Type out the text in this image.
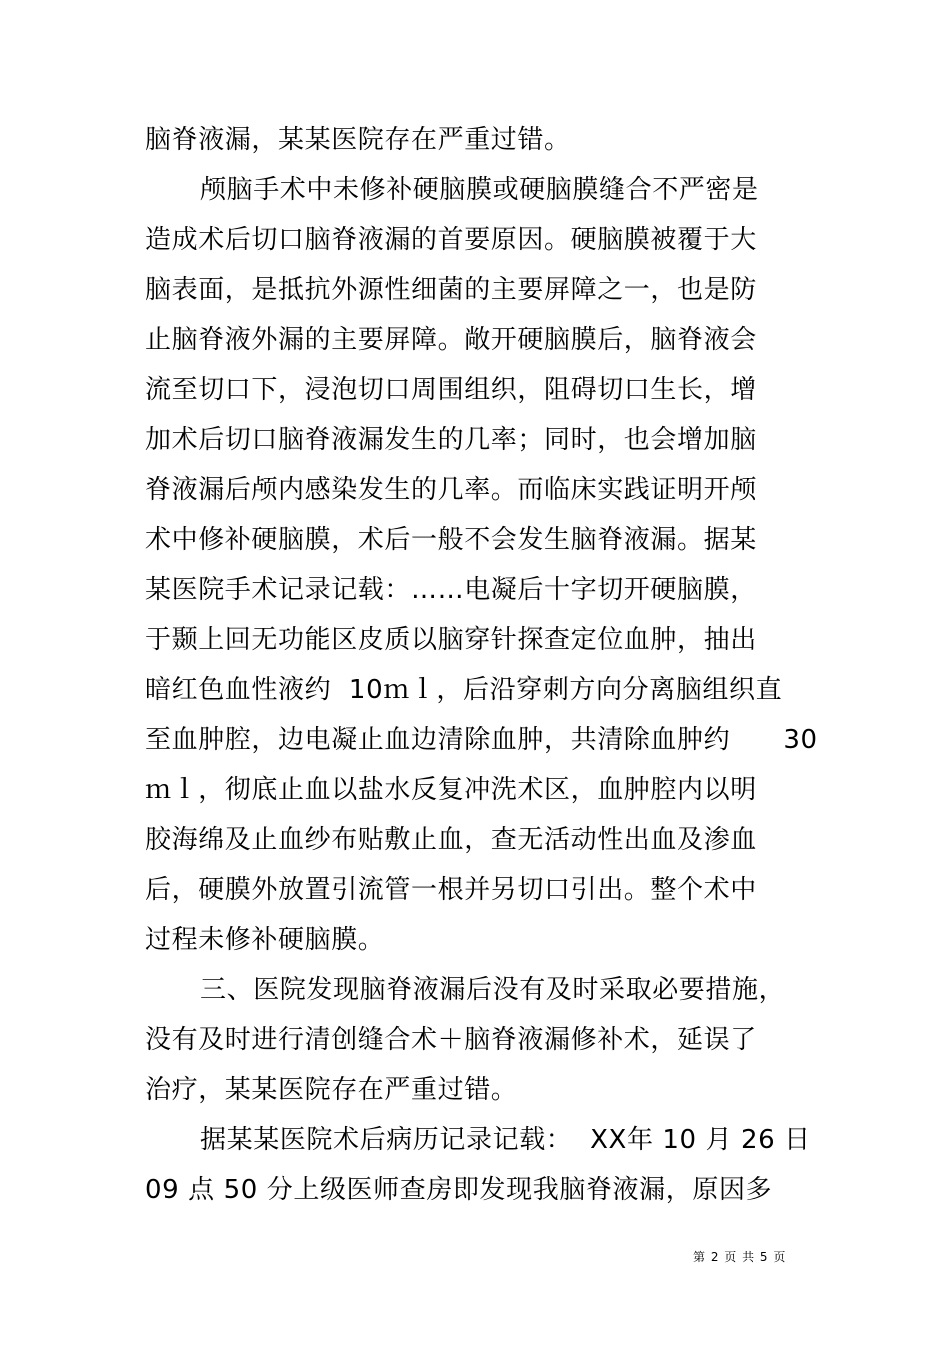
脑脊液漏，某某医院存在严重过错。
颅脑手术中未修补硬脑膜或硬脑膜缝合不严密是
造成术后切口脑脊液漏的首要原因。硬脑膜被覆于大
脑表面，是抵抗外源性细菌的主要屏障之一，也是防
止脑脊液外漏的主要屏障。敞开硬脑膜后，脑脊液会
流至切口下，浸泡切口周围组织，阻碍切口生长，增
加术后切口脑脊液漏发生的几率；同时，也会增加脑
脊液漏后颅内感染发生的几率。而临床实践证明开颅
术中修补硬脑膜，术后一般不会发生脑脊液漏。据某
某医院手术记录记载：……电凝后十字切开硬脑膜，
于颞上回无功能区皮质以脑穿针探查定位血肿，抽出
暗红色血性液约  10ｍｌ，后沿穿刺方向分离脑组织直
至血肿腔，边电凝止血边清除血肿，共清除血肿约      30
ｍｌ，彻底止血以盐水反复冲洗术区，血肿腔内以明
胶海绵及止血纱布贴敷止血，查无活动性出血及渗血
后，硬膜外放置引流管一根并另切口引出。整个术中
过程未修补硬脑膜。
三、医院发现脑脊液漏后没有及时采取必要措施，
没有及时进行清创缝合术＋脑脊液漏修补术，延误了
治疗，某某医院存在严重过错。
据某某医院术后病历记录记载：  XX年 10 月 26 日
09 点 50 分上级医师查房即发现我脑脊液漏，原因多
第 2 页 共 5 页
